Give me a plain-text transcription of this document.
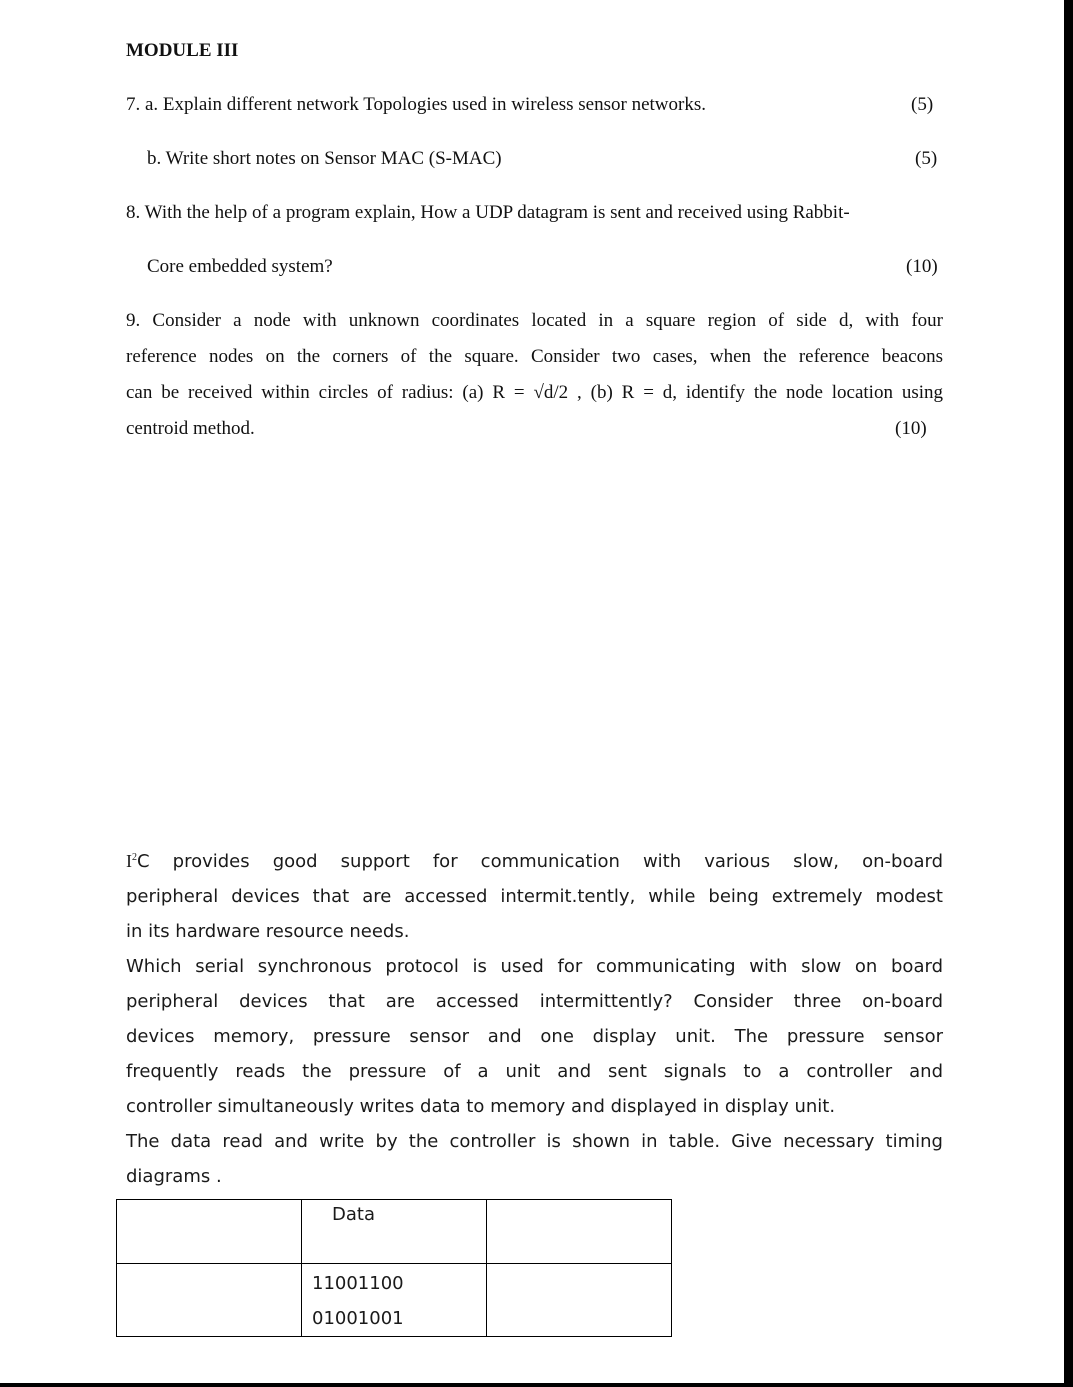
MODULE III
7. a. Explain different network Topologies used in wireless sensor networks.	(5)
b. Write short notes on Sensor MAC (S-MAC)	(5)
8. With the help of a program explain, How a UDP datagram is sent and received using Rabbit-
Core embedded system?	(10)
9. Consider a node with unknown coordinates located in a square region of side d, with four
reference nodes on the corners of the square. Consider two cases, when the reference beacons
can be received within circles of radius: (a) R = √d/2 , (b) R = d, identify the node location using
centroid method.	(10)
$I^2$ C provides good support for communication with various slow, on-board
peripheral devices that are accessed intermit.tently, while being extremely modest
in its hardware resource needs.
Which serial synchronous protocol is used for communicating with slow on board
peripheral devices that are accessed intermittently? Consider three on-board
devices memory, pressure sensor and one display unit. The pressure sensor
frequently reads the pressure of a unit and sent signals to a controller and
controller simultaneously writes data to memory and displayed in display unit.
The data read and write by the controller is shown in table. Give necessary timing
diagrams .

	Data	

	11001100
01001001	
